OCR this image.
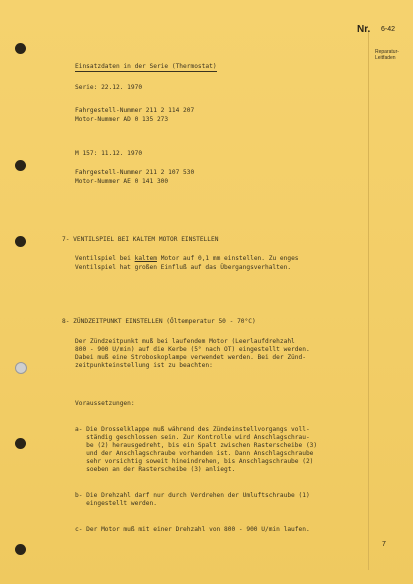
Nr. 6-42
Reparatur-
Leitfaden
Einsatzdaten in der Serie (Thermostat)
Serie: 22.12. 1970
Fahrgestell-Nummer 211 2 114 207
Motor-Nummer AD 0 135 273
M 157: 11.12. 1970
Fahrgestell-Nummer 211 2 107 530
Motor-Nummer AE 0 141 300
7- VENTILSPIEL BEI KALTEM MOTOR EINSTELLEN
Ventilspiel bei kaltem Motor auf 0,1 mm einstellen. Zu enges
Ventilspiel hat großen Einfluß auf das Übergangsverhalten.
8- ZÜNDZEITPUNKT EINSTELLEN (Öltemperatur 50 - 70°C)
Der Zündzeitpunkt muß bei laufendem Motor (Leerlaufdrehzahl
800 - 900 U/min) auf die Kerbe (5° nach OT) eingestellt werden.
Dabei muß eine Stroboskoplampe verwendet werden. Bei der Zünd-
zeitpunkteinstellung ist zu beachten:
Voraussetzungen:
a- Die Drosselklappe muß während des Zündeinstellvorgangs voll-
ständig geschlossen sein. Zur Kontrolle wird Anschlagschrau-
be (2) herausgedreht, bis ein Spalt zwischen Rasterscheibe (3)
und der Anschlagschraube vorhanden ist. Dann Anschlagschraube
sehr vorsichtig soweit hineindrehen, bis Anschlagschraube (2)
soeben an der Rasterscheibe (3) anliegt.
b- Die Drehzahl darf nur durch Verdrehen der Umluftschraube (1)
eingestellt werden.
c- Der Motor muß mit einer Drehzahl von 800 - 900 U/min laufen.
7
